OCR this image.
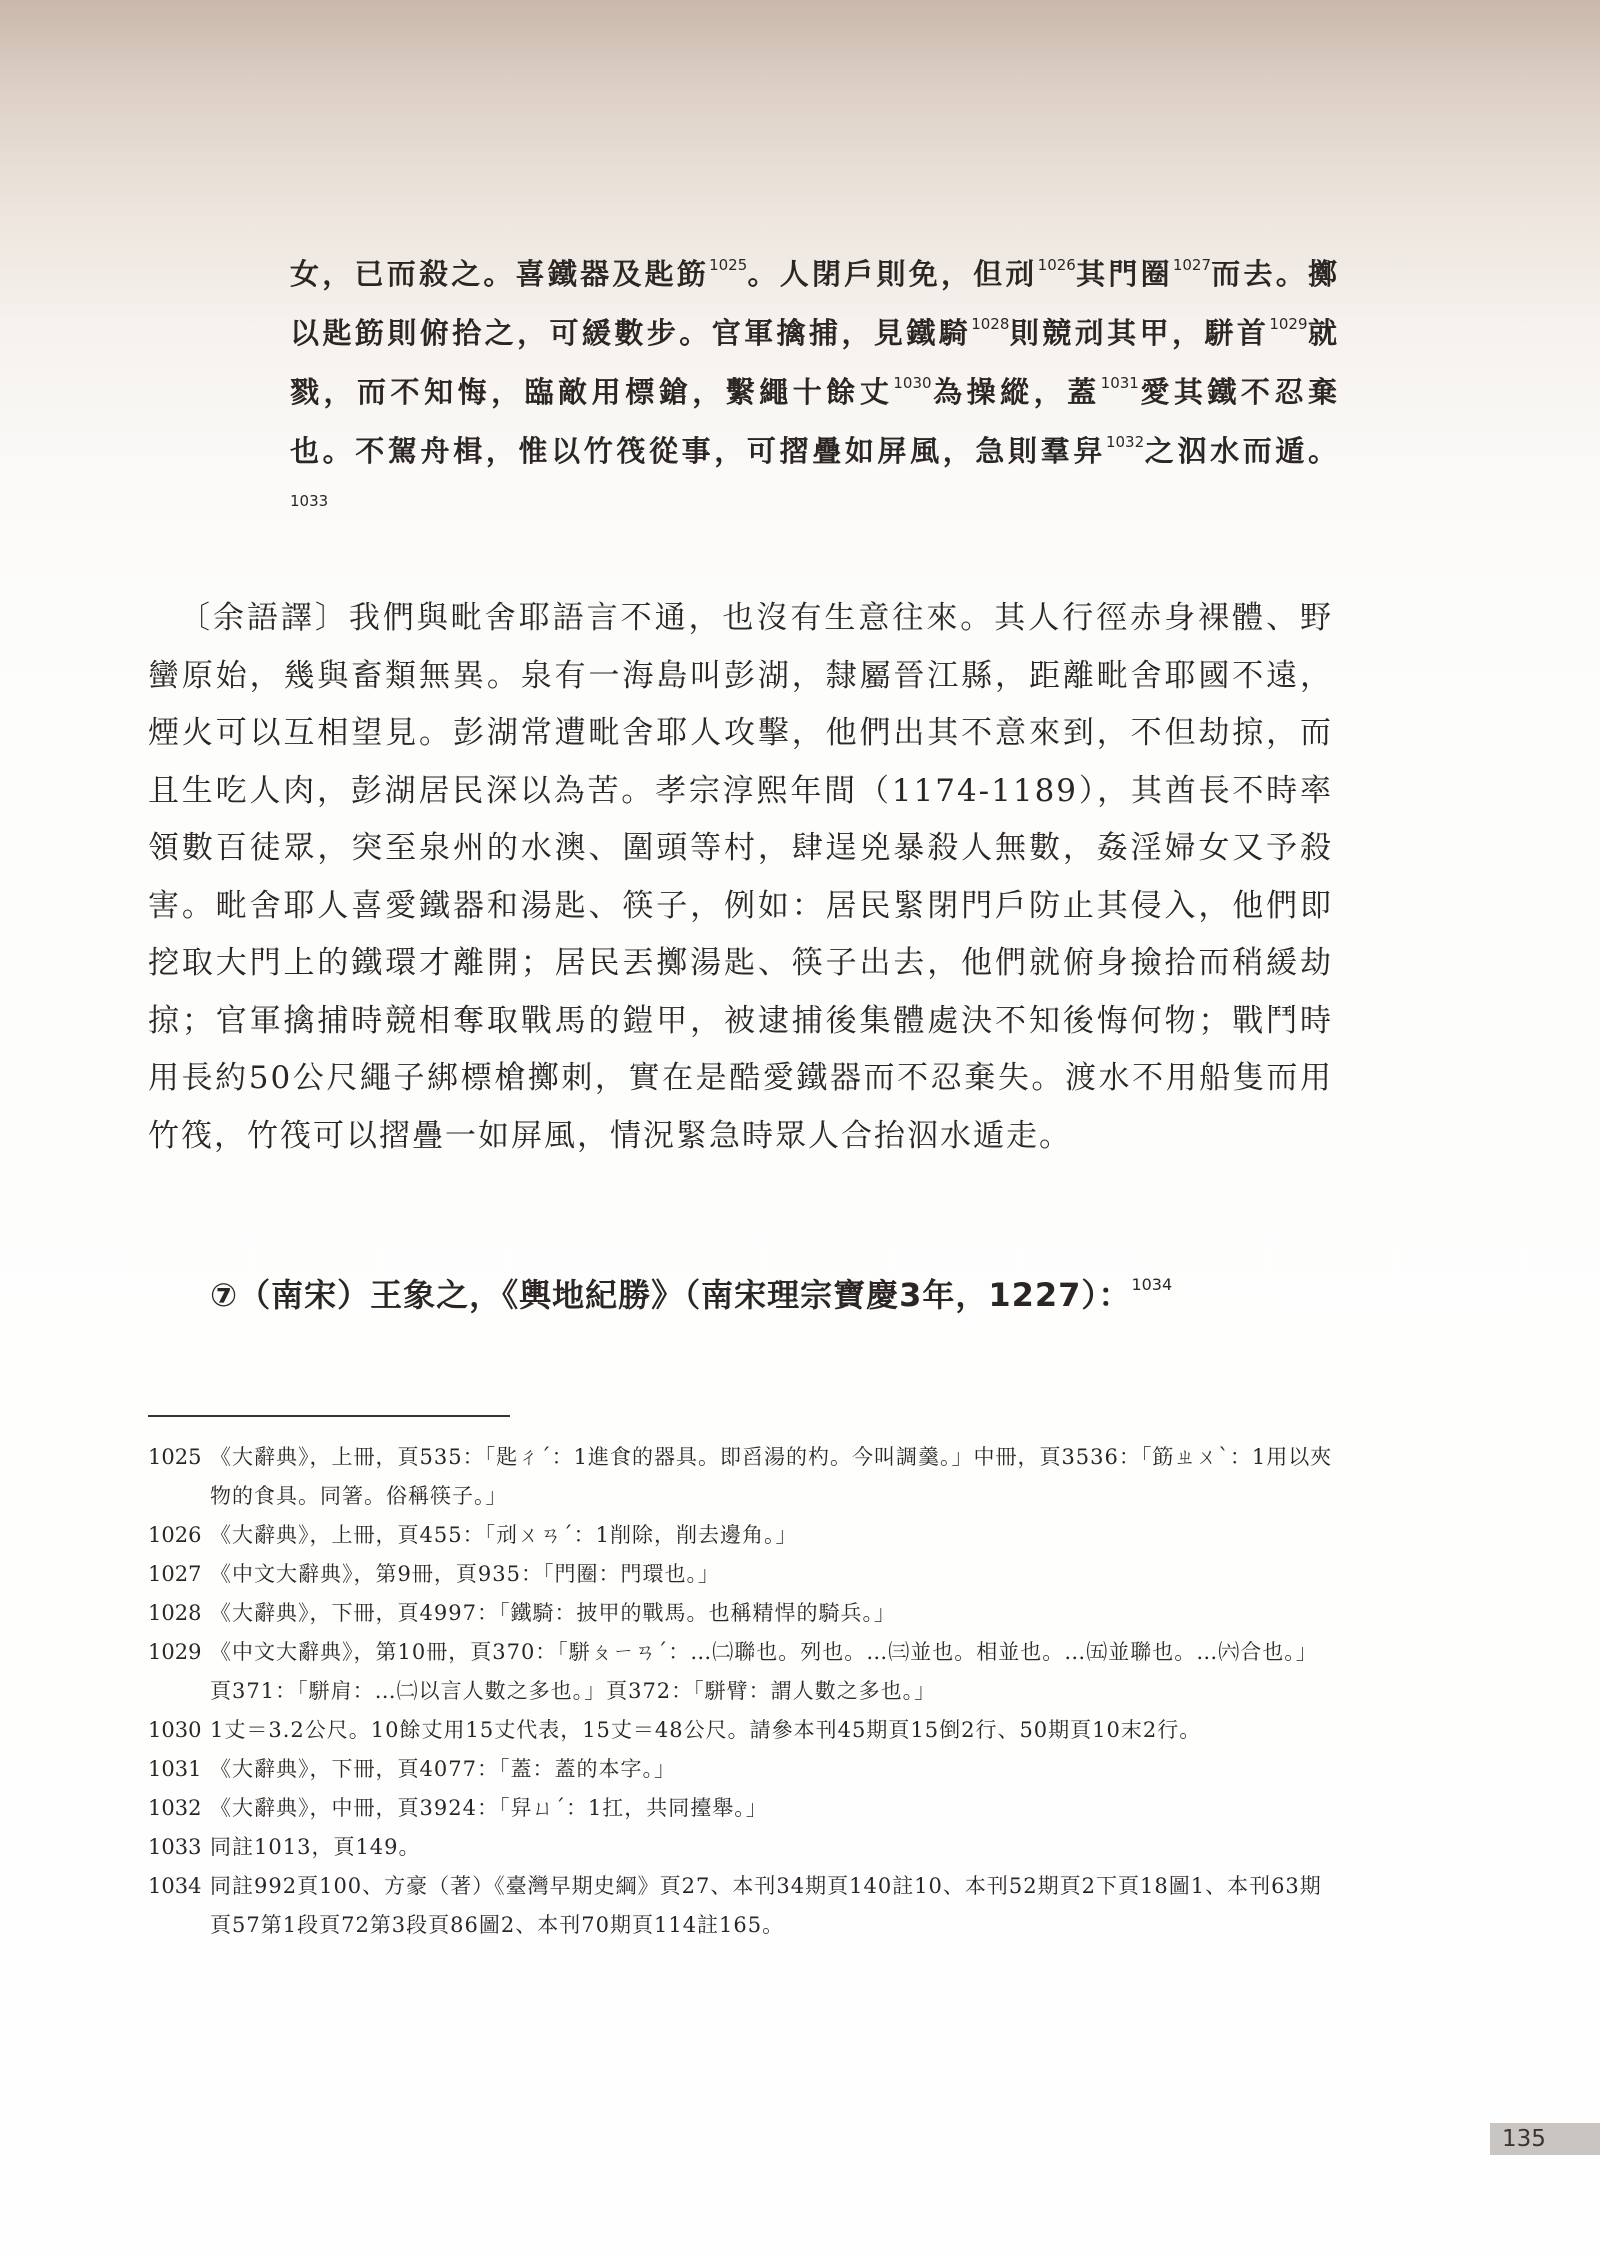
女，已而殺之。喜鐵器及匙筯$^{1025}$。人閉戶則免，但刓$^{1026}$其門圈$^{1027}$而去。擲以匙筯則俯拾之，可緩數步。官軍擒捕，見鐵騎$^{1028}$則競刓其甲，駢首$^{1029}$就戮，而不知悔，臨敵用標鎗，繫繩十餘丈$^{1030}$為操縱，蓋$^{1031}$愛其鐵不忍棄也。不駕舟楫，惟以竹筏從事，可摺疊如屏風，急則羣舁$^{1032}$之泅水而遁。$^{1033}$

〔余語譯〕我們與毗舍耶語言不通，也沒有生意往來。其人行徑赤身裸體、野蠻原始，幾與畜類無異。泉有一海島叫彭湖，隸屬晉江縣，距離毗舍耶國不遠，煙火可以互相望見。彭湖常遭毗舍耶人攻擊，他們出其不意來到，不但劫掠，而且生吃人肉，彭湖居民深以為苦。孝宗淳熙年間（1174-1189），其酋長不時率領數百徒眾，突至泉州的水澳、圍頭等村，肆逞兇暴殺人無數，姦淫婦女又予殺害。毗舍耶人喜愛鐵器和湯匙、筷子，例如：居民緊閉門戶防止其侵入，他們即挖取大門上的鐵環才離開；居民丟擲湯匙、筷子出去，他們就俯身撿拾而稍緩劫掠；官軍擒捕時競相奪取戰馬的鎧甲，被逮捕後集體處決不知後悔何物；戰鬥時用長約50公尺繩子綁標槍擲刺，實在是酷愛鐵器而不忍棄失。渡水不用船隻而用竹筏，竹筏可以摺疊一如屏風，情況緊急時眾人合抬泅水遁走。

⑦（南宋）王象之，《輿地紀勝》（南宋理宗寶慶3年，1227）：$^{1034}$
1025 《大辭典》，上冊，頁535：「匙ㄔˊ：1進食的器具。即舀湯的杓。今叫調羹。」中冊，頁3536：「筯ㄓㄨˋ：1用以夾物的食具。同箸。俗稱筷子。」
1026 《大辭典》，上冊，頁455：「刓ㄨㄢˊ：1削除，削去邊角。」
1027 《中文大辭典》，第9冊，頁935：「門圈：門環也。」
1028 《大辭典》，下冊，頁4997：「鐵騎：披甲的戰馬。也稱精悍的騎兵。」
1029 《中文大辭典》，第10冊，頁370：「駢ㄆㄧㄢˊ：…㈡聯也。列也。…㈢並也。相並也。…㈤並聯也。…㈥合也。」頁371：「駢肩：…㈡以言人數之多也。」頁372：「駢臂：謂人數之多也。」
1030 1丈＝3.2公尺。10餘丈用15丈代表，15丈＝48公尺。請參本刊45期頁15倒2行、50期頁10末2行。
1031 《大辭典》，下冊，頁4077：「蓋：蓋的本字。」
1032 《大辭典》，中冊，頁3924：「舁ㄩˊ：1扛，共同擡舉。」
1033 同註1013，頁149。
1034 同註992頁100、方豪（著）《臺灣早期史綱》頁27、本刊34期頁140註10、本刊52期頁2下頁18圖1、本刊63期頁57第1段頁72第3段頁86圖2、本刊70期頁114註165。
135
